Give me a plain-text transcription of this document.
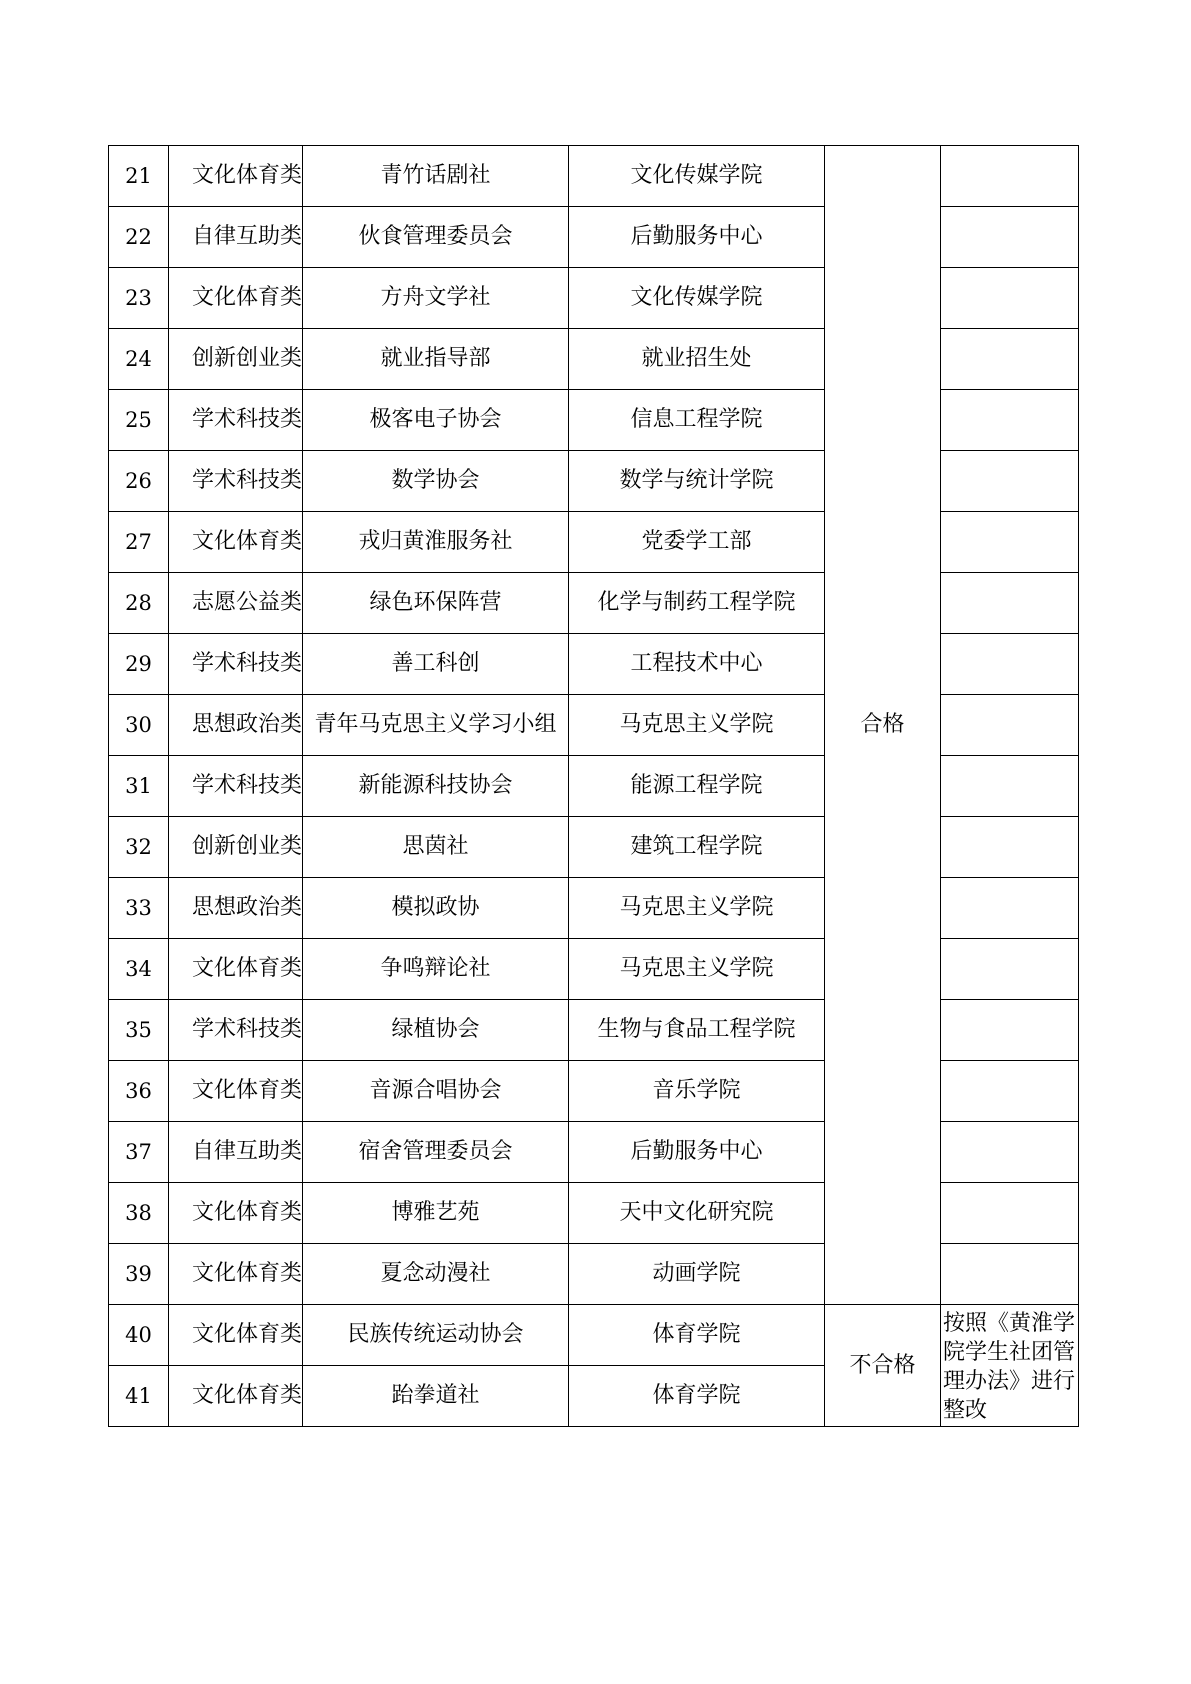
21	文化体育类	青竹话剧社	文化传媒学院	合格	
22	自律互助类	伙食管理委员会	后勤服务中心		
23	文化体育类	方舟文学社	文化传媒学院		
24	创新创业类	就业指导部	就业招生处		
25	学术科技类	极客电子协会	信息工程学院		
26	学术科技类	数学协会	数学与统计学院		
27	文化体育类	戎归黄淮服务社	党委学工部		
28	志愿公益类	绿色环保阵营	化学与制药工程学院		
29	学术科技类	善工科创	工程技术中心		
30	思想政治类	青年马克思主义学习小组	马克思主义学院		
31	学术科技类	新能源科技协会	能源工程学院		
32	创新创业类	思茵社	建筑工程学院		
33	思想政治类	模拟政协	马克思主义学院		
34	文化体育类	争鸣辩论社	马克思主义学院		
35	学术科技类	绿植协会	生物与食品工程学院		
36	文化体育类	音源合唱协会	音乐学院		
37	自律互助类	宿舍管理委员会	后勤服务中心		
38	文化体育类	博雅艺苑	天中文化研究院		
39	文化体育类	夏念动漫社	动画学院		
40	文化体育类	民族传统运动协会	体育学院	不合格	按照《黄淮学院学生社团管理办法》进行整改
41	文化体育类	跆拳道社	体育学院		
